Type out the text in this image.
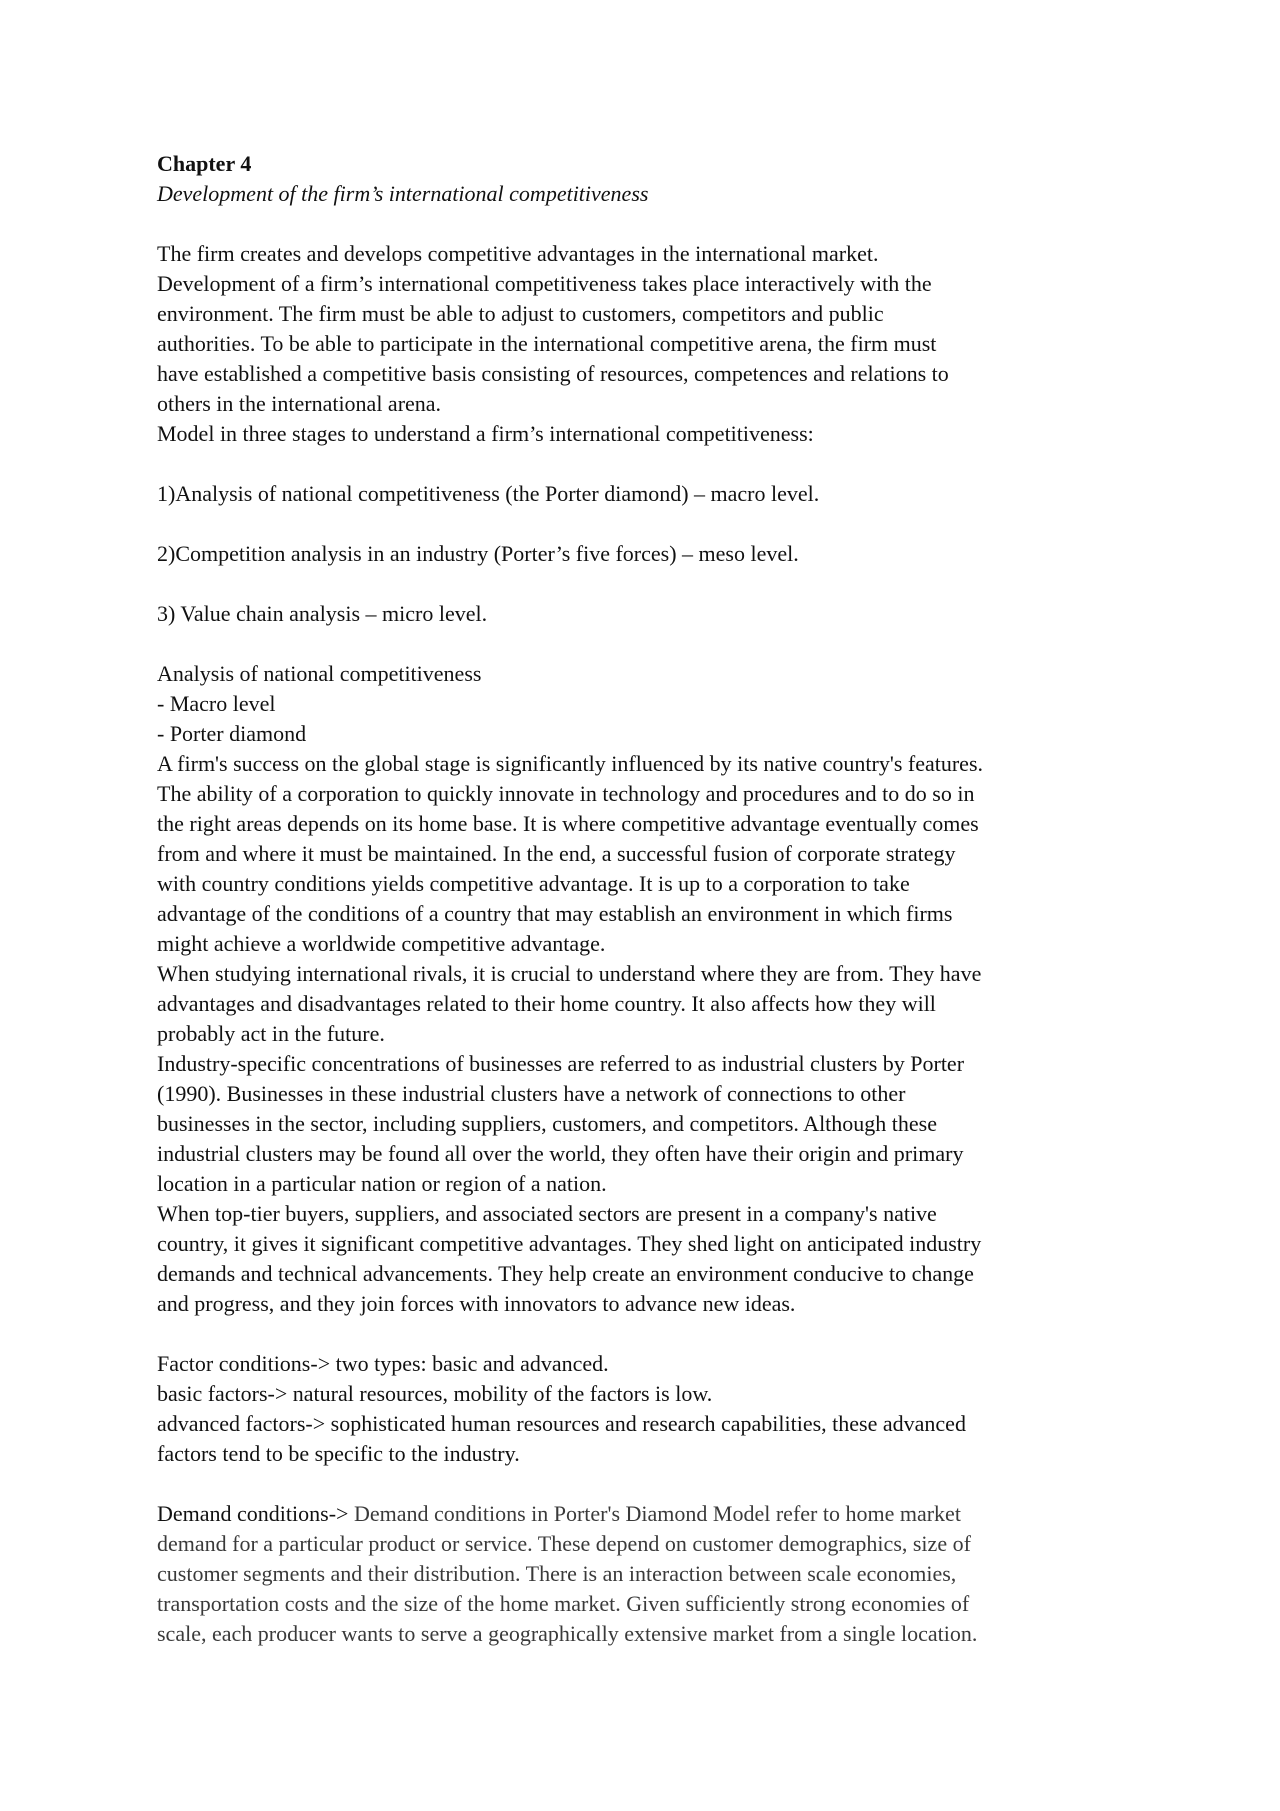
Chapter 4
Development of the firm’s international competitiveness
The firm creates and develops competitive advantages in the international market.
Development of a firm’s international competitiveness takes place interactively with the
environment. The firm must be able to adjust to customers, competitors and public
authorities. To be able to participate in the international competitive arena, the firm must
have established a competitive basis consisting of resources, competences and relations to
others in the international arena.
Model in three stages to understand a firm’s international competitiveness:
1)Analysis of national competitiveness (the Porter diamond) – macro level.
2)Competition analysis in an industry (Porter’s five forces) – meso level.
3) Value chain analysis – micro level.
Analysis of national competitiveness
- Macro level
- Porter diamond
A firm's success on the global stage is significantly influenced by its native country's features.
The ability of a corporation to quickly innovate in technology and procedures and to do so in
the right areas depends on its home base. It is where competitive advantage eventually comes
from and where it must be maintained. In the end, a successful fusion of corporate strategy
with country conditions yields competitive advantage. It is up to a corporation to take
advantage of the conditions of a country that may establish an environment in which firms
might achieve a worldwide competitive advantage.
When studying international rivals, it is crucial to understand where they are from. They have
advantages and disadvantages related to their home country. It also affects how they will
probably act in the future.
Industry-specific concentrations of businesses are referred to as industrial clusters by Porter
(1990). Businesses in these industrial clusters have a network of connections to other
businesses in the sector, including suppliers, customers, and competitors. Although these
industrial clusters may be found all over the world, they often have their origin and primary
location in a particular nation or region of a nation.
When top-tier buyers, suppliers, and associated sectors are present in a company's native
country, it gives it significant competitive advantages. They shed light on anticipated industry
demands and technical advancements. They help create an environment conducive to change
and progress, and they join forces with innovators to advance new ideas.
Factor conditions-> two types: basic and advanced.
basic factors-> natural resources, mobility of the factors is low.
advanced factors-> sophisticated human resources and research capabilities, these advanced
factors tend to be specific to the industry.
Demand conditions-> Demand conditions in Porter's Diamond Model refer to home market
demand for a particular product or service. These depend on customer demographics, size of
customer segments and their distribution. There is an interaction between scale economies,
transportation costs and the size of the home market. Given sufficiently strong economies of
scale, each producer wants to serve a geographically extensive market from a single location.
